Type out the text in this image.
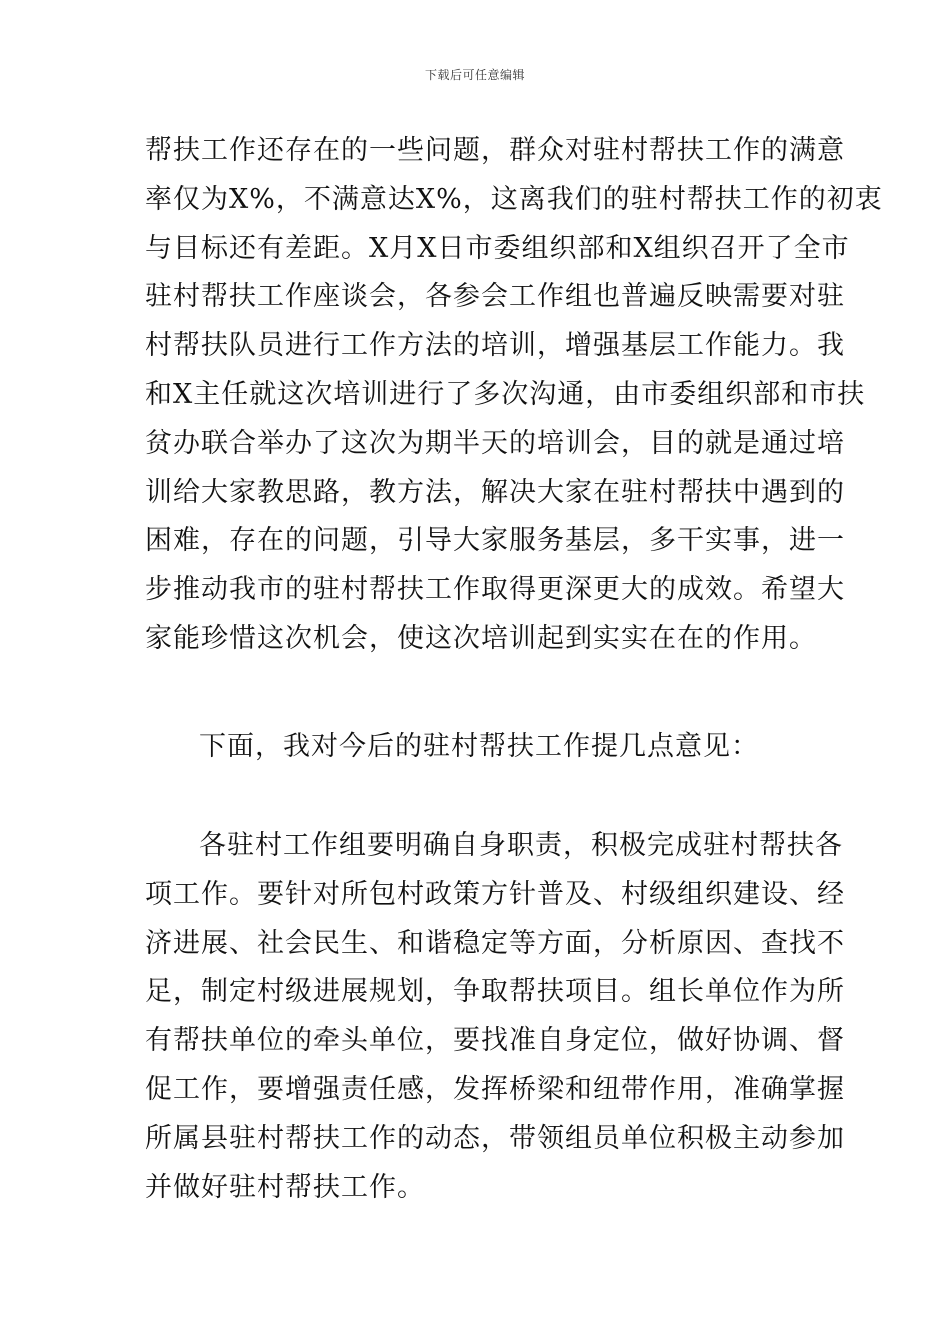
下载后可任意编辑
帮扶工作还存在的一些问题，群众对驻村帮扶工作的满意
率仅为X%，不满意达X%，这离我们的驻村帮扶工作的初衷
与目标还有差距。X月X日市委组织部和X组织召开了全市
驻村帮扶工作座谈会，各参会工作组也普遍反映需要对驻
村帮扶队员进行工作方法的培训，增强基层工作能力。我
和X主任就这次培训进行了多次沟通，由市委组织部和市扶
贫办联合举办了这次为期半天的培训会，目的就是通过培
训给大家教思路，教方法，解决大家在驻村帮扶中遇到的
困难，存在的问题，引导大家服务基层，多干实事，进一
步推动我市的驻村帮扶工作取得更深更大的成效。希望大
家能珍惜这次机会，使这次培训起到实实在在的作用。
下面，我对今后的驻村帮扶工作提几点意见：
各驻村工作组要明确自身职责，积极完成驻村帮扶各
项工作。要针对所包村政策方针普及、村级组织建设、经
济进展、社会民生、和谐稳定等方面，分析原因、查找不
足，制定村级进展规划，争取帮扶项目。组长单位作为所
有帮扶单位的牵头单位，要找准自身定位，做好协调、督
促工作，要增强责任感，发挥桥梁和纽带作用，准确掌握
所属县驻村帮扶工作的动态，带领组员单位积极主动参加
并做好驻村帮扶工作。
